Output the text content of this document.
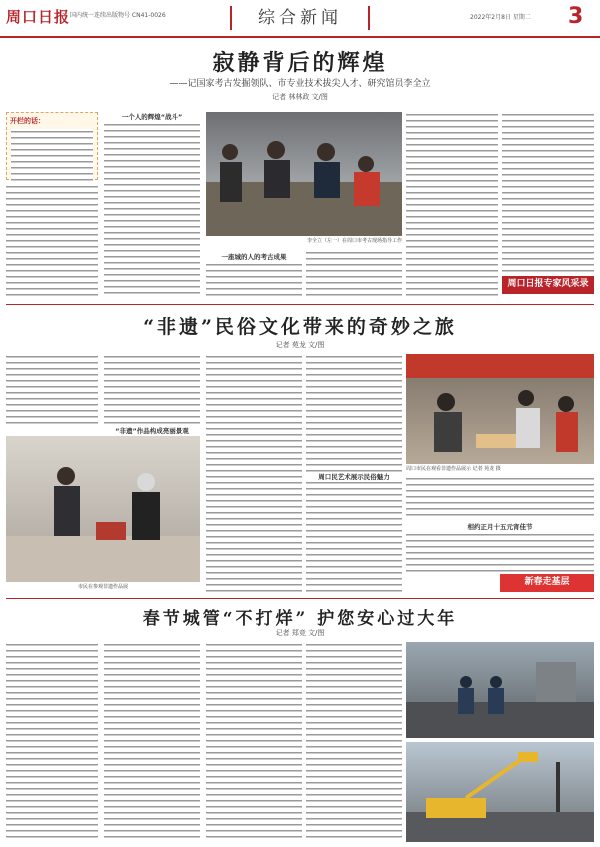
周口日报 国内统一连续出版物号 CN41-0026	综合新闻	2022年2月8日 星期二 3
寂静背后的辉煌
——记国家考古发掘领队、市专业技术拔尖人才、研究馆员李全立
记者 林林政 文/图
开栏的话：	一个人的辉煌“战斗”
李全立（左一）在周口市考古现场指导工作
一座城的人的考古成果
周口日报专家风采录
“非遗”民俗文化带来的奇妙之旅
记者 苑龙 文/图
“非遗”作品构成亮丽景观
市民在参观非遗作品展
周口民艺术展示民俗魅力
周口市民在观看非遗作品展示 记者 苑龙 摄
相约正月十五元宵佳节
新春走基层
春节城管“不打烊” 护您安心过大年
记者 郑竞 文/图
